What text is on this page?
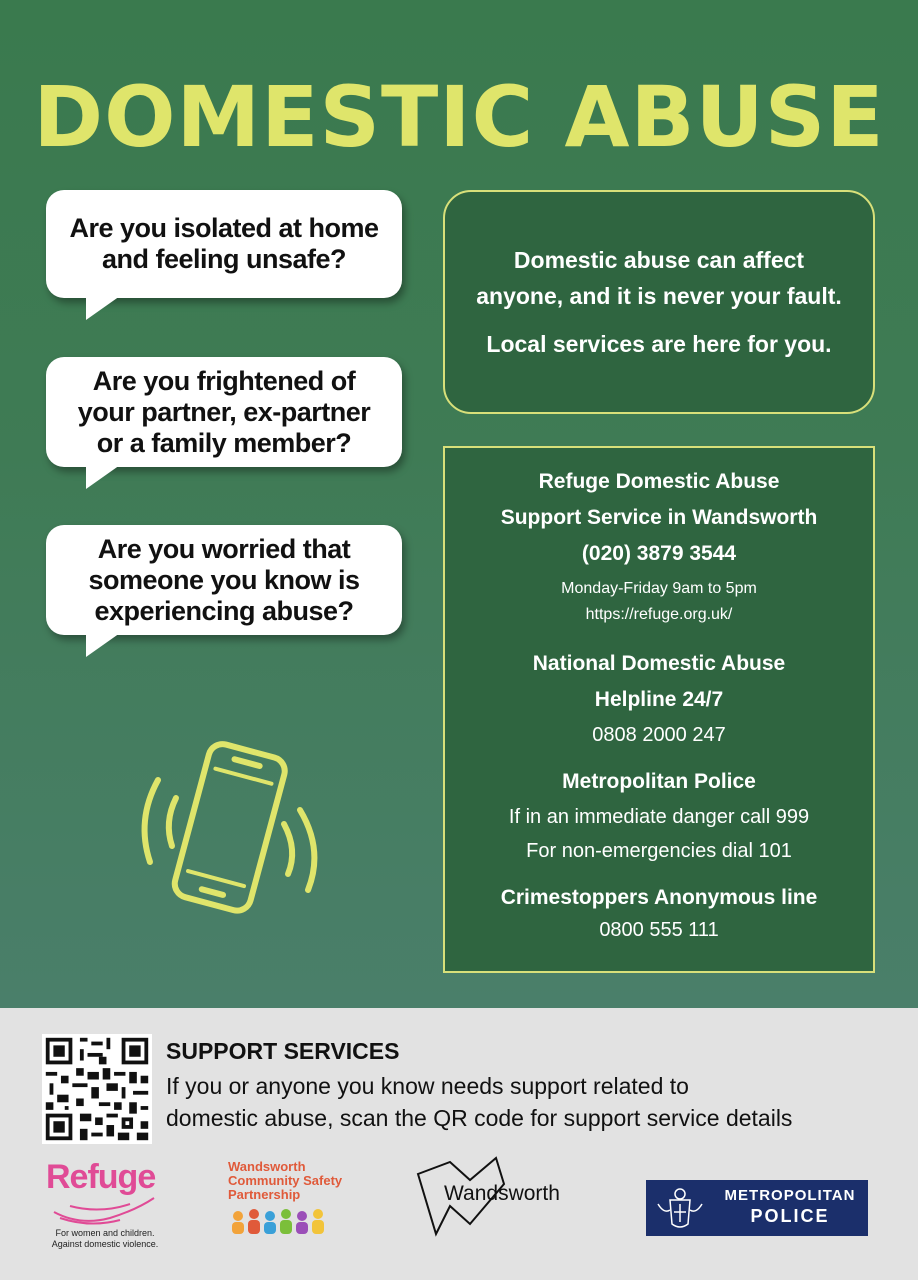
DOMESTIC ABUSE
Are you isolated at home
and feeling unsafe?
Are you frightened of
your partner, ex-partner
or a family member?
Are you worried that
someone you know is
experiencing abuse?
Domestic abuse can affect
anyone, and it is never your fault.
Local services are here for you.
Refuge Domestic Abuse
Support Service in Wandsworth
(020) 3879 3544
Monday-Friday 9am to 5pm
https://refuge.org.uk/
National Domestic Abuse
Helpline 24/7
0808 2000 247
Metropolitan Police
If in an immediate danger call 999
For non-emergencies dial 101
Crimestoppers Anonymous line
0800 555 111
SUPPORT SERVICES
If you or anyone you know needs support related to
domestic abuse, scan the QR code for support service details
Refuge
For women and children.
Against domestic violence.
Wandsworth
Community Safety
Partnership	Wandsworth	METROPOLITAN
POLICE
